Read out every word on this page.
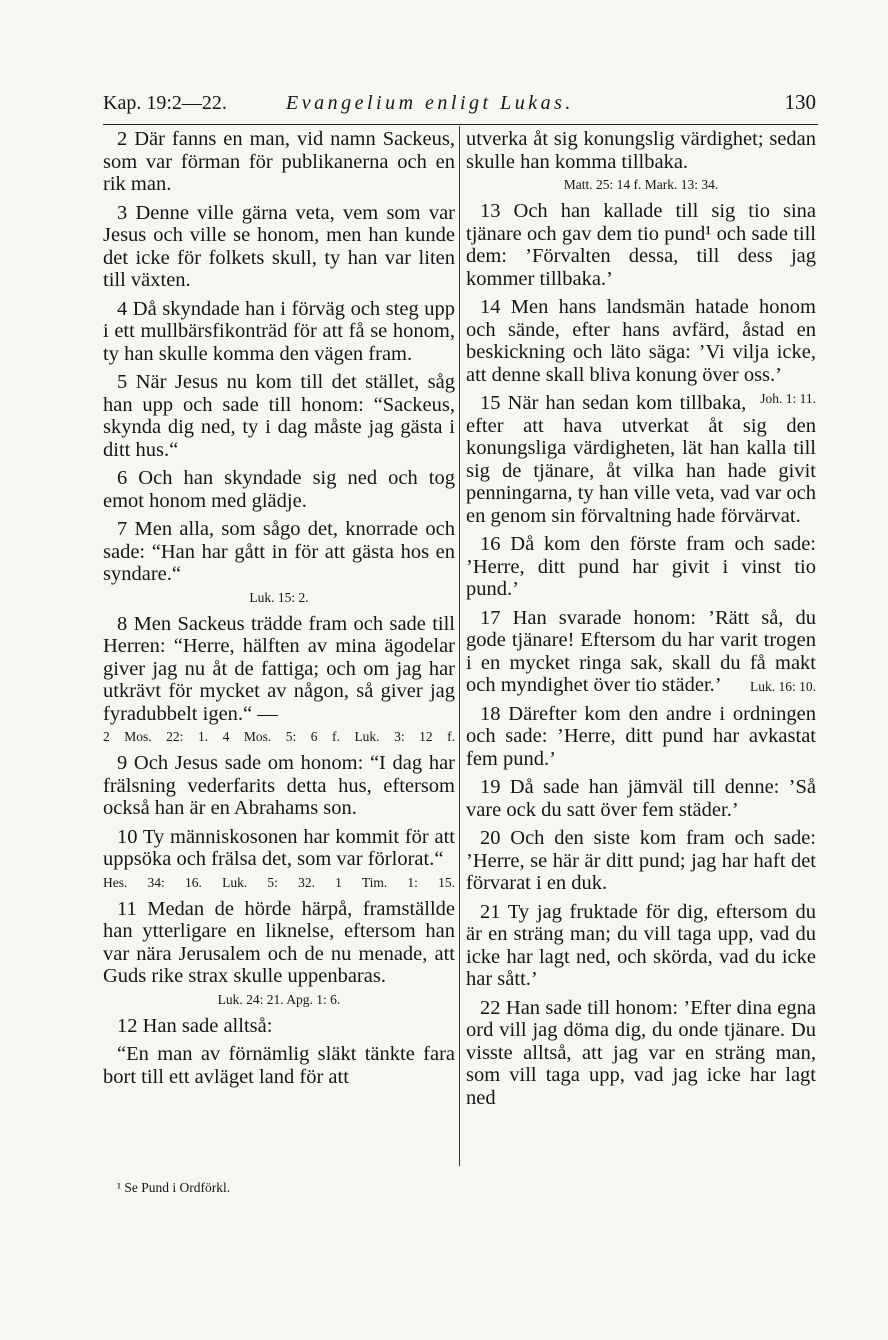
Kap. 19:2—22.	Evangelium enligt Lukas.	130

2 Där fanns en man, vid namn Sackeus, som var förman för publikanerna och en rik man.

3 Denne ville gärna veta, vem som var Jesus och ville se honom, men han kunde det icke för folkets skull, ty han var liten till växten.

4 Då skyndade han i förväg och steg upp i ett mullbärsfikonträd för att få se honom, ty han skulle komma den vägen fram.

5 När Jesus nu kom till det stället, såg han upp och sade till honom: “Sackeus, skynda dig ned, ty i dag måste jag gästa i ditt hus.“

6 Och han skyndade sig ned och tog emot honom med glädje.

7 Men alla, som sågo det, knorrade och sade: “Han har gått in för att gästa hos en syndare.“

Luk. 15: 2.

8 Men Sackeus trädde fram och sade till Herren: “Herre, hälften av mina ägodelar giver jag nu åt de fattiga; och om jag har utkrävt för mycket av någon, så giver jag fyradubbelt igen.“ —

2 Mos. 22: 1. 4 Mos. 5: 6 f. Luk. 3: 12 f.

9 Och Jesus sade om honom: “I dag har frälsning vederfarits detta hus, eftersom också han är en Abrahams son.

10 Ty människosonen har kommit för att uppsöka och frälsa det, som var förlorat.“

Hes. 34: 16. Luk. 5: 32. 1 Tim. 1: 15.

11 Medan de hörde härpå, framställde han ytterligare en liknelse, eftersom han var nära Jerusalem och de nu menade, att Guds rike strax skulle uppenbaras.

Luk. 24: 21. Apg. 1: 6.

12 Han sade alltså:

“En man av förnämlig släkt tänkte fara bort till ett avläget land för att

utverka åt sig konungslig värdighet; sedan skulle han komma tillbaka.

Matt. 25: 14 f. Mark. 13: 34.

13 Och han kallade till sig tio sina tjänare och gav dem tio pund¹ och sade till dem: ’Förvalten dessa, till dess jag kommer tillbaka.’

14 Men hans landsmän hatade honom och sände, efter hans avfärd, åstad en beskickning och läto säga: ’Vi vilja icke, att denne skall bliva konung över oss.’
Joh. 1: 11.

15 När han sedan kom tillbaka, efter att hava utverkat åt sig den konungsliga värdigheten, lät han kalla till sig de tjänare, åt vilka han hade givit penningarna, ty han ville veta, vad var och en genom sin förvaltning hade förvärvat.

16 Då kom den förste fram och sade: ’Herre, ditt pund har givit i vinst tio pund.’

17 Han svarade honom: ’Rätt så, du gode tjänare! Eftersom du har varit trogen i en mycket ringa sak, skall du få makt och myndighet över tio städer.’	Luk. 16: 10.

18 Därefter kom den andre i ordningen och sade: ’Herre, ditt pund har avkastat fem pund.’

19 Då sade han jämväl till denne: ’Så vare ock du satt över fem städer.’

20 Och den siste kom fram och sade: ’Herre, se här är ditt pund; jag har haft det förvarat i en duk.

21 Ty jag fruktade för dig, eftersom du är en sträng man; du vill taga upp, vad du icke har lagt ned, och skörda, vad du icke har sått.’

22 Han sade till honom: ’Efter dina egna ord vill jag döma dig, du onde tjänare. Du visste alltså, att jag var en sträng man, som vill taga upp, vad jag icke har lagt ned

¹ Se Pund i Ordförkl.
